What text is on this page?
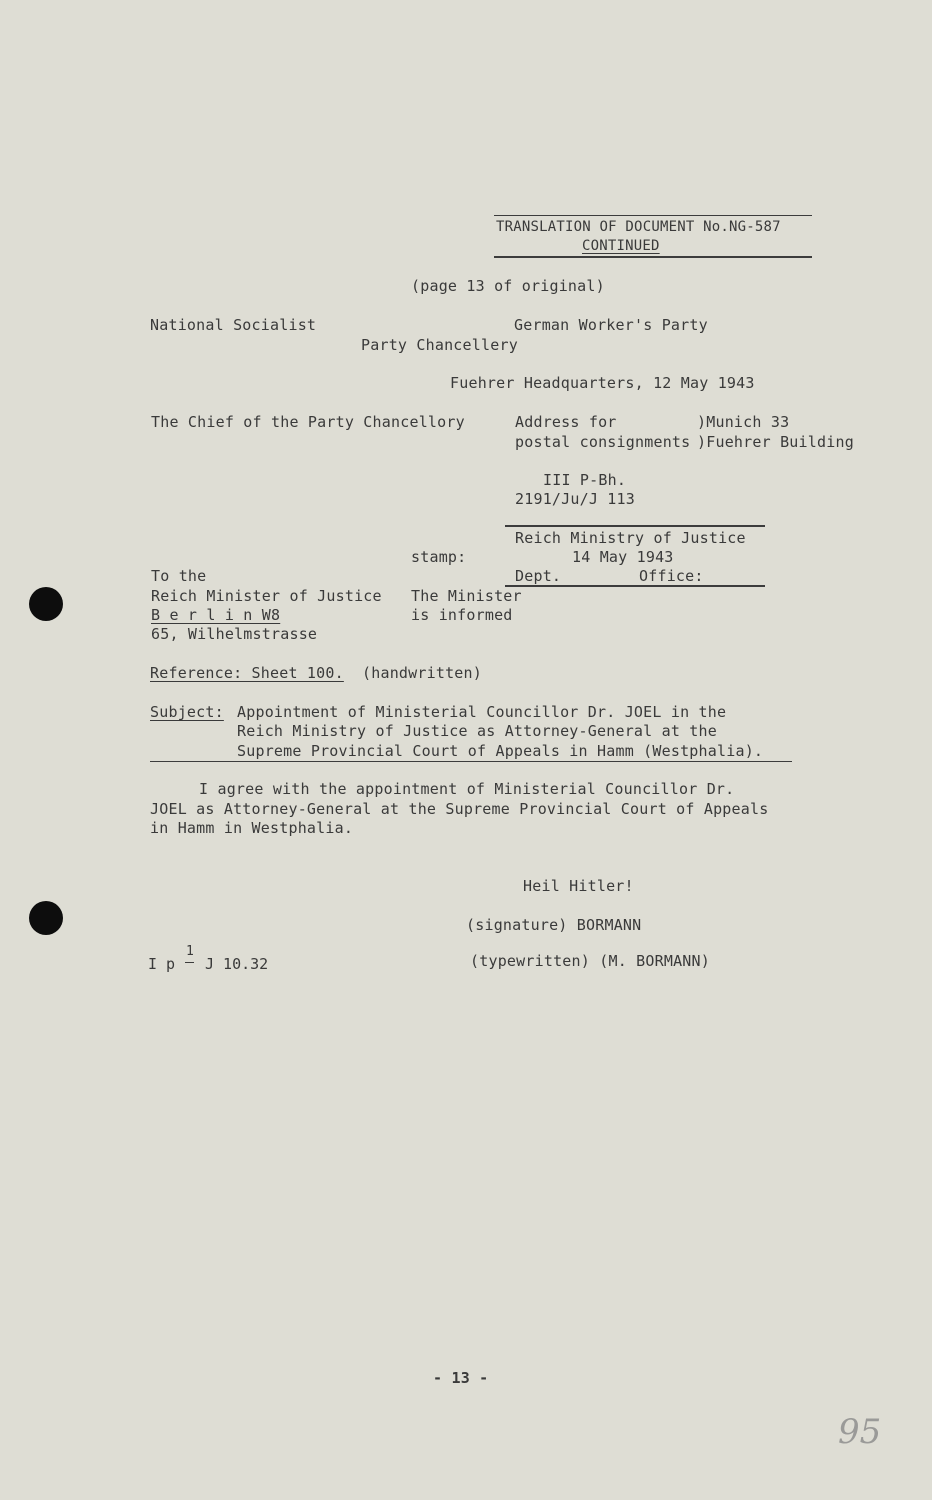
TRANSLATION OF DOCUMENT No.NG-587
CONTINUED
(page 13 of original)
National Socialist	German Worker's Party
Party Chancellery
Fuehrer Headquarters, 12 May 1943
The Chief of the Party Chancellory	Address for
postal consignments
)Munich 33
)Fuehrer Building
III P-Bh.
2191/Ju/J 113
Reich Ministry of Justice
stamp:	14 May 1943
Dept.	Office:
The Minister
is informed
To the
Reich Minister of Justice
B e r l i n W8
65, Wilhelmstrasse
Reference: Sheet 100. (handwritten)
Subject: Appointment of Ministerial Councillor Dr. JOEL in the
Reich Ministry of Justice as Attorney-General at the
Supreme Provincial Court of Appeals in Hamm (Westphalia).
I agree with the appointment of Ministerial Councillor Dr.
JOEL as Attorney-General at the Supreme Provincial Court of Appeals
in Hamm in Westphalia.
Heil Hitler!
(signature) BORMANN
(typewritten) (M. BORMANN)
I p
1
J 10.32
- 13 -
95
